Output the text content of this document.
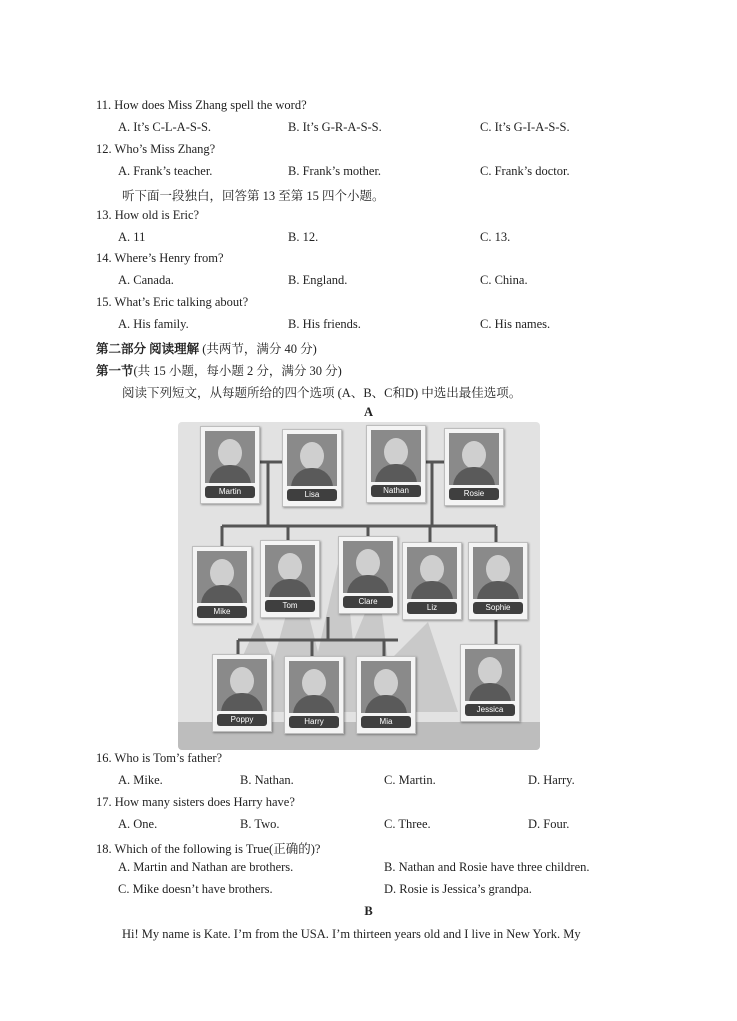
11. How does Miss Zhang spell the word?
A. It’s C-L-A-S-S.	B. It’s G-R-A-S-S.	C. It’s G-I-A-S-S.
12. Who’s Miss Zhang?
A. Frank’s teacher.	B. Frank’s mother.	C. Frank’s doctor.
听下面一段独白，回答第 13 至第 15 四个小题。
13. How old is Eric?
A. 11	B. 12.	C. 13.
14. Where’s Henry from?
A. Canada.	B. England.	C. China.
15. What’s Eric talking about?
A. His family.	B. His friends.	C. His names.
第二部分 阅读理解 (共两节，满分 40 分)
第一节(共 15 小题，每小题 2 分，满分 30 分)
阅读下列短文，从每题所给的四个选项 (A、B、C和D) 中选出最佳选项。
A
Martin	Lisa	Nathan	Rosie
Mike
Tom	Clare
Liz	Sophie
Poppy	Harry	Mia
Jessica
16. Who is Tom’s father?
A. Mike.	B. Nathan.	C. Martin.	D. Harry.
17. How many sisters does Harry have?
A. One.	B. Two.	C. Three.	D. Four.
18. Which of the following is True(正确的)?
A. Martin and Nathan are brothers.	B. Nathan and Rosie have three children.
C. Mike doesn’t have brothers.	D. Rosie is Jessica’s grandpa.
B
Hi! My name is Kate. I’m from the USA. I’m thirteen years old and I live in New York. My
